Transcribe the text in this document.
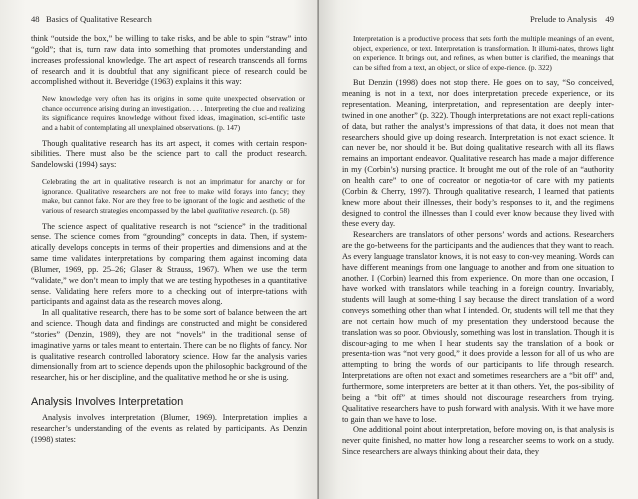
48 Basics of Qualitative Research

think “outside the box,” be willing to take risks, and be able to spin “straw” into “gold”; that is, turn raw data into something that promotes understanding and increases professional knowledge. The art aspect of research transcends all forms of research and it is doubtful that any significant piece of research could be accomplished without it. Beveridge (1963) explains it this way:

New knowledge very often has its origins in some quite unexpected observation or chance occurrence arising during an investigation. . . . Interpreting the clue and realizing its significance requires knowledge without fixed ideas, imagination, sci-entific taste and a habit of contemplating all unexplained observations. (p. 147)

Though qualitative research has its art aspect, it comes with certain respon-sibilities. There must also be the science part to call the product research. Sandelowski (1994) says:

Celebrating the art in qualitative research is not an imprimatur for anarchy or for ignorance. Qualitative researchers are not free to make wild forays into fancy; they make, but cannot fake. Nor are they free to be ignorant of the logic and aesthetic of the various of research strategies encompassed by the label qualitative research. (p. 58)

The science aspect of qualitative research is not “science” in the traditional sense. The science comes from “grounding” concepts in data. Then, if system-atically develops concepts in terms of their properties and dimensions and at the same time validates interpretations by comparing them against incoming data (Blumer, 1969, pp. 25–26; Glaser & Strauss, 1967). When we use the term “validate,” we don’t mean to imply that we are testing hypotheses in a quantitative sense. Validating here refers more to a checking out of interpre-tations with participants and against data as the research moves along.

In all qualitative research, there has to be some sort of balance between the art and science. Though data and findings are constructed and might be considered “stories” (Denzin, 1989), they are not “novels” in the traditional sense of imaginative yarns or tales meant to entertain. There can be no flights of fancy. Nor is qualitative research controlled laboratory science. How far the analysis varies dimensionally from art to science depends upon the philosophic background of the researcher, his or her discipline, and the qualitative method he or she is using.

Analysis Involves Interpretation

Analysis involves interpretation (Blumer, 1969). Interpretation implies a researcher’s understanding of the events as related by participants. As Denzin (1998) states:

Prelude to Analysis 49
Interpretation is a productive process that sets forth the multiple meanings of an event, object, experience, or text. Interpretation is transformation. It illumi-nates, throws light on experience. It brings out, and refines, as when butter is clarified, the meanings that can be sifted from a text, an object, or slice of expe-rience. (p. 322)

But Denzin (1998) does not stop there. He goes on to say, “So conceived, meaning is not in a text, nor does interpretation precede experience, or its representation. Meaning, interpretation, and representation are deeply inter-twined in one another” (p. 322). Though interpretations are not exact repli-cations of data, but rather the analyst’s impressions of that data, it does not mean that researchers should give up doing research. Interpretation is not exact science. It can never be, nor should it be. But doing qualitative research with all its flaws remains an important endeavor. Qualitative research has made a major difference in my (Corbin’s) nursing practice. It brought me out of the role of an “authority on health care” to one of cocreator or negotia-tor of care with my patients (Corbin & Cherry, 1997). Through qualitative research, I learned that patients knew more about their illnesses, their body’s responses to it, and the regimens designed to control the illnesses than I could ever know because they lived with these every day.

Researchers are translators of other persons’ words and actions. Researchers are the go-betweens for the participants and the audiences that they want to reach. As every language translator knows, it is not easy to con-vey meaning. Words can have different meanings from one language to another and from one situation to another. I (Corbin) learned this from experience. On more than one occasion, I have worked with translators while teaching in a foreign country. Invariably, students will laugh at some-thing I say because the direct translation of a word conveys something other than what I intended. Or, students will tell me that they are not certain how much of my presentation they understood because the translation was so poor. Obviously, something was lost in translation. Though it is discour-aging to me when I hear students say the translation of a book or presenta-tion was “not very good,” it does provide a lesson for all of us who are attempting to bring the words of our participants to life through research. Interpretations are often not exact and sometimes researchers are a “bit off” and, furthermore, some interpreters are better at it than others. Yet, the pos-sibility of being a “bit off” at times should not discourage researchers from trying. Qualitative researchers have to push forward with analysis. With it we have more to gain than we have to lose.

One additional point about interpretation, before moving on, is that analysis is never quite finished, no matter how long a researcher seems to work on a study. Since researchers are always thinking about their data, they
